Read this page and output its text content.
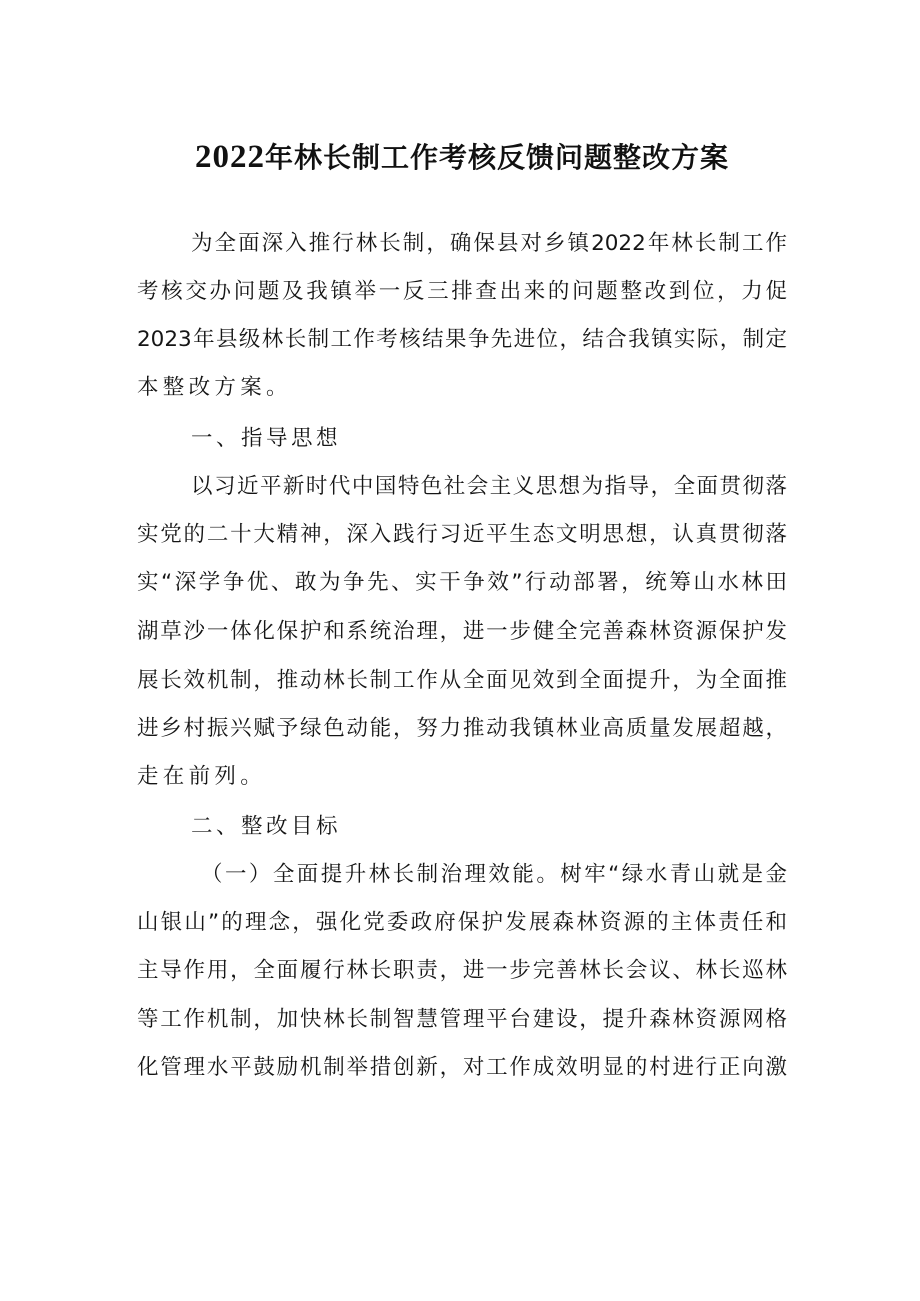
2022年林长制工作考核反馈问题整改方案
为全面深入推行林长制，确保县对乡镇2022年林长制工作
考核交办问题及我镇举一反三排查出来的问题整改到位，力促
2023年县级林长制工作考核结果争先进位，结合我镇实际，制定
本整改方案。
一、指导思想
以习近平新时代中国特色社会主义思想为指导，全面贯彻落
实党的二十大精神，深入践行习近平生态文明思想，认真贯彻落
实“深学争优、敢为争先、实干争效”行动部署，统筹山水林田
湖草沙一体化保护和系统治理，进一步健全完善森林资源保护发
展长效机制，推动林长制工作从全面见效到全面提升，为全面推
进乡村振兴赋予绿色动能，努力推动我镇林业高质量发展超越，
走在前列。
二、整改目标
（一）全面提升林长制治理效能。树牢“绿水青山就是金
山银山”的理念，强化党委政府保护发展森林资源的主体责任和
主导作用，全面履行林长职责，进一步完善林长会议、林长巡林
等工作机制，加快林长制智慧管理平台建设，提升森林资源网格
化管理水平鼓励机制举措创新，对工作成效明显的村进行正向激
